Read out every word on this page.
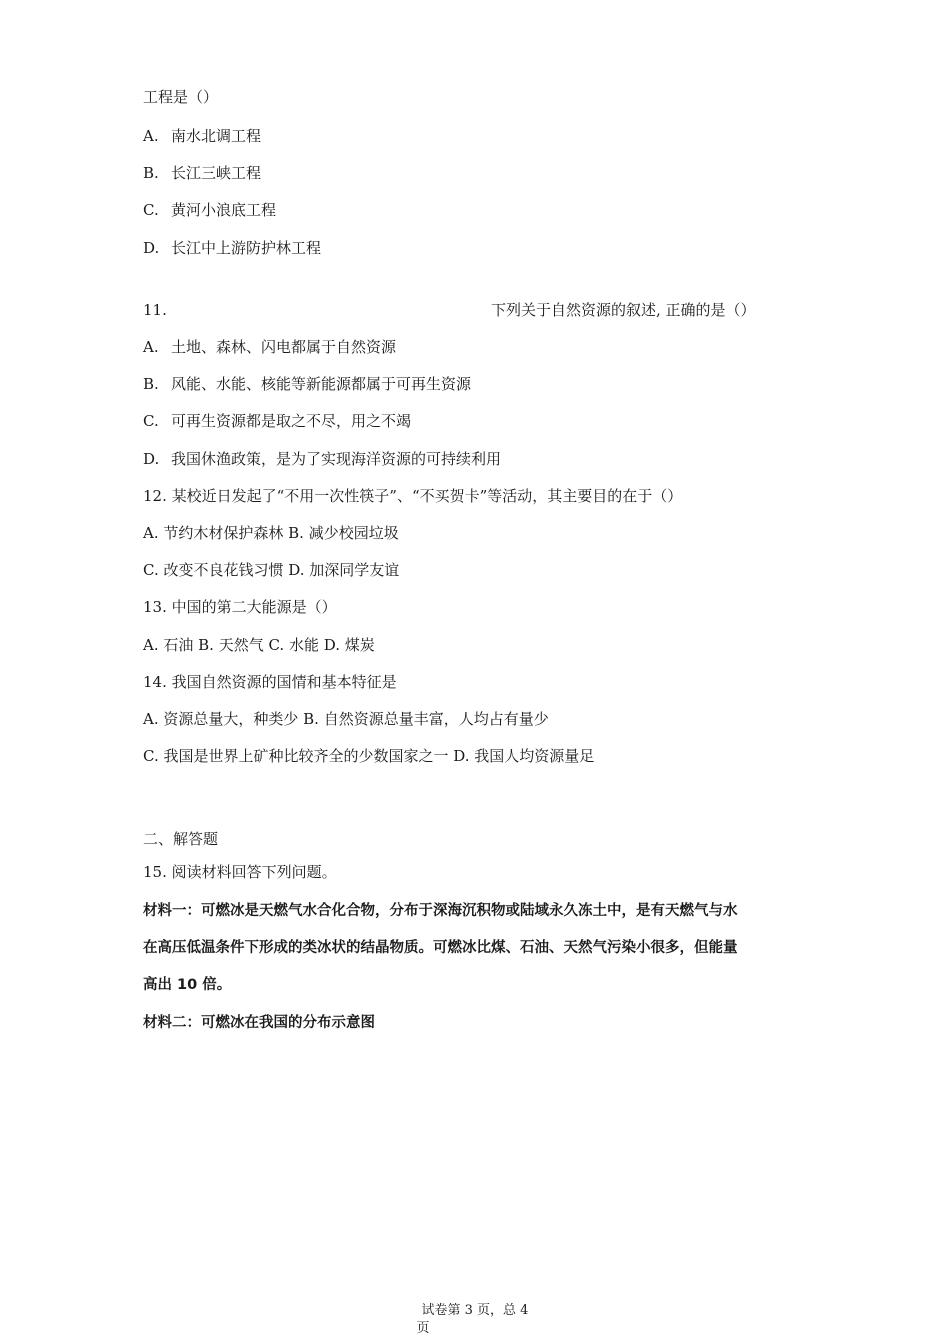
工程是（）
A. 南水北调工程
B. 长江三峡工程
C. 黄河小浪底工程
D. 长江中上游防护林工程
11.	下列关于自然资源的叙述, 正确的是（）
A. 土地、森林、闪电都属于自然资源
B. 风能、水能、核能等新能源都属于可再生资源
C. 可再生资源都是取之不尽，用之不竭
D. 我国休渔政策，是为了实现海洋资源的可持续利用
12. 某校近日发起了“不用一次性筷子”、“不买贺卡”等活动，其主要目的在于（）
A. 节约木材保护森林 B. 减少校园垃圾
C. 改变不良花钱习惯 D. 加深同学友谊
13. 中国的第二大能源是（）
A. 石油 B. 天然气 C. 水能 D. 煤炭
14. 我国自然资源的国情和基本特征是
A. 资源总量大，种类少 B. 自然资源总量丰富，人均占有量少
C. 我国是世界上矿种比较齐全的少数国家之一 D. 我国人均资源量足
二、解答题
15. 阅读材料回答下列问题。
材料一：可燃冰是天燃气水合化合物，分布于深海沉积物或陆域永久冻土中，是有天燃气与水
在高压低温条件下形成的类冰状的结晶物质。可燃冰比煤、石油、天然气污染小很多，但能量
高出 10 倍。
材料二：可燃冰在我国的分布示意图
试卷第 3 页，总 4
页
